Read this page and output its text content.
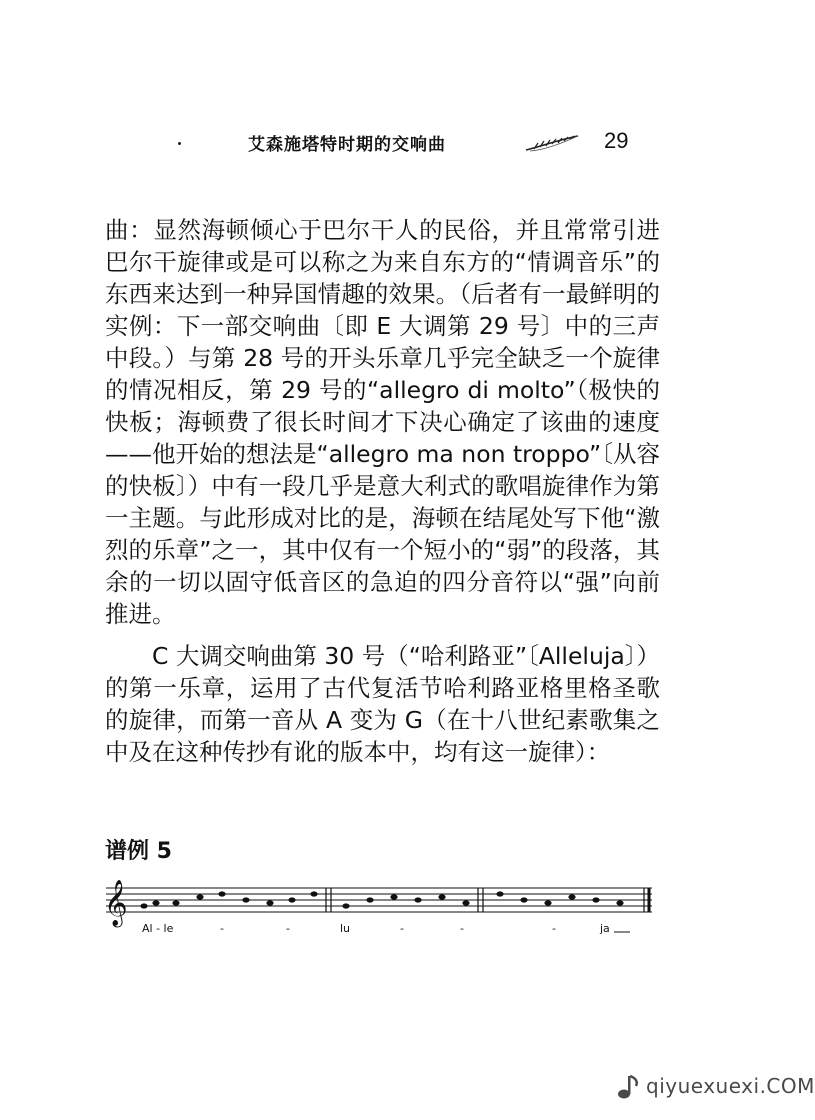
艾森施塔特时期的交响曲	29

曲：显然海顿倾心于巴尔干人的民俗，并且常常引进巴尔干旋律或是可以称之为来自东方的“情调音乐”的东西来达到一种异国情趣的效果。（后者有一最鲜明的实例：下一部交响曲〔即 E 大调第 29 号〕中的三声中段。）与第 28 号的开头乐章几乎完全缺乏一个旋律的情况相反，第 29 号的“allegro di molto”（极快的快板；海顿费了很长时间才下决心确定了该曲的速度——他开始的想法是“allegro ma non troppo”〔从容的快板〕）中有一段几乎是意大利式的歌唱旋律作为第一主题。与此形成对比的是，海顿在结尾处写下他“激烈的乐章”之一，其中仅有一个短小的“弱”的段落，其余的一切以固守低音区的急迫的四分音符以“强”向前推进。

C 大调交响曲第 30 号（“哈利路亚”〔Alleluja〕）的第一乐章，运用了古代复活节哈利路亚格里格圣歌的旋律，而第一音从 A 变为 G（在十八世纪素歌集之中及在这种传抄有讹的版本中，均有这一旋律）：

谱例 5
𝄞
Al - le	-	-	lu	-	-	-	ja
qiyuexuexi.COM
